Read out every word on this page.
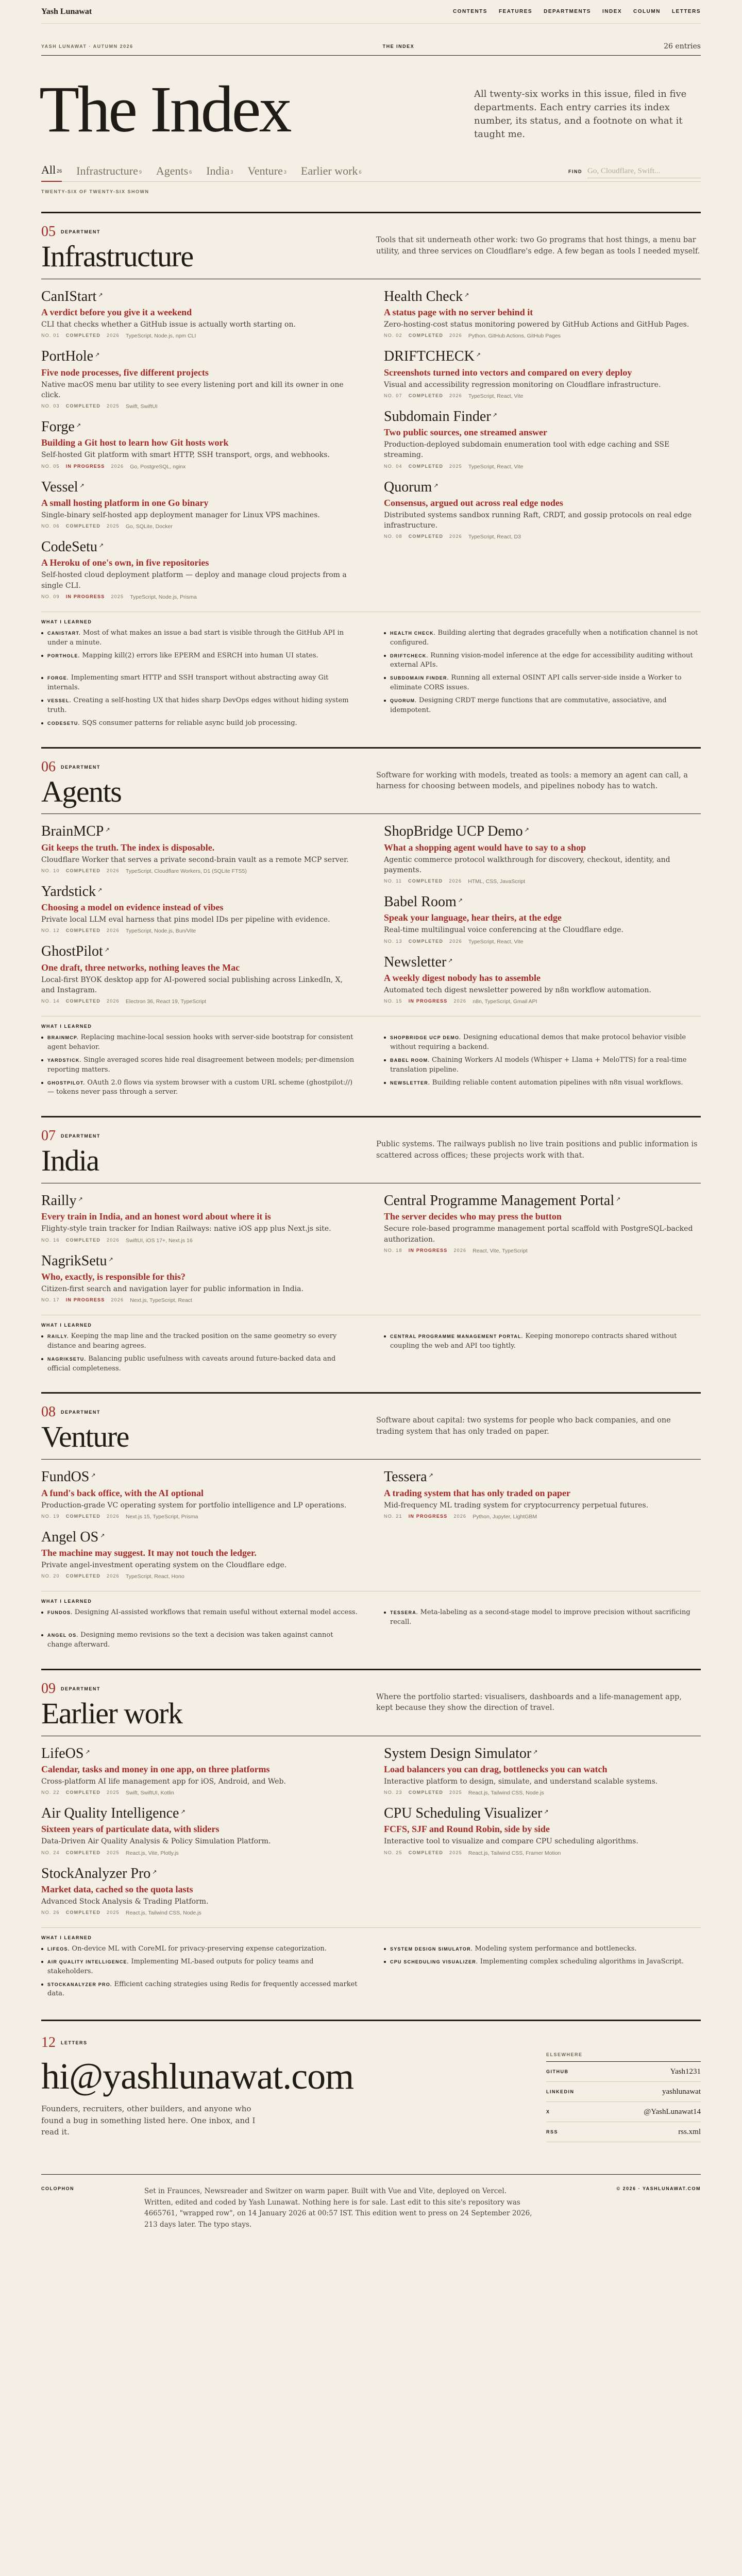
Yash Lunawat	CONTENTS FEATURES DEPARTMENTS INDEX COLUMN LETTERS
YASH LUNAWAT · AUTUMN 2026	THE INDEX	26 entries
The Index	All twenty-six works in this issue, filed in five departments. Each entry carries its index number, its status, and a footnote on what it taught me.

All $^{26}$ Infrastructure $^9$ Agents $^6$ India $^3$ Venture $^3$ Earlier work $^6$	FIND
Go, Cloudflare, Swift...
TWENTY-SIX OF TWENTY-SIX SHOWN
05 DEPARTMENT
Infrastructure	Tools that sit underneath other work: two Go programs that host things, a menu bar utility, and three services on Cloudflare's edge. A few began as tools I needed myself.

CanIStart ↗
A verdict before you give it a weekend
CLI that checks whether a GitHub issue is actually worth starting on.
NO. 01 COMPLETED 2026 TypeScript, Node.js, npm CLI
PortHole ↗
Five node processes, five different projects
Native macOS menu bar utility to see every listening port and kill its owner in one click.
NO. 03 COMPLETED 2025 Swift, SwiftUI
Forge ↗
Building a Git host to learn how Git hosts work
Self-hosted Git platform with smart HTTP, SSH transport, orgs, and webhooks.
NO. 05 IN PROGRESS 2026 Go, PostgreSQL, nginx
Vessel ↗
A small hosting platform in one Go binary
Single-binary self-hosted app deployment manager for Linux VPS machines.
NO. 06 COMPLETED 2025 Go, SQLite, Docker
CodeSetu ↗
A Heroku of one's own, in five repositories
Self-hosted cloud deployment platform — deploy and manage cloud projects from a single CLI.
NO. 09 IN PROGRESS 2025 TypeScript, Node.js, Prisma
Health Check ↗
A status page with no server behind it
Zero-hosting-cost status monitoring powered by GitHub Actions and GitHub Pages.
NO. 02 COMPLETED 2026 Python, GitHub Actions, GitHub Pages
DRIFTCHECK ↗
Screenshots turned into vectors and compared on every deploy
Visual and accessibility regression monitoring on Cloudflare infrastructure.
NO. 07 COMPLETED 2026 TypeScript, React, Vite
Subdomain Finder ↗
Two public sources, one streamed answer
Production-deployed subdomain enumeration tool with edge caching and SSE streaming.
NO. 04 COMPLETED 2025 TypeScript, React, Vite
Quorum ↗
Consensus, argued out across real edge nodes
Distributed systems sandbox running Raft, CRDT, and gossip protocols on real edge infrastructure.
NO. 08 COMPLETED 2026 TypeScript, React, D3
WHAT I LEARNED
CANISTART. Most of what makes an issue a bad start is visible through the GitHub API in under a minute.
HEALTH CHECK. Building alerting that degrades gracefully when a notification channel is not configured.
PORTHOLE. Mapping kill(2) errors like EPERM and ESRCH into human UI states.	DRIFTCHECK. Running vision-model inference at the edge for accessibility auditing without external APIs.
FORGE. Implementing smart HTTP and SSH transport without abstracting away Git internals.
SUBDOMAIN FINDER. Running all external OSINT API calls server-side inside a Worker to eliminate CORS issues.
VESSEL. Creating a self-hosting UX that hides sharp DevOps edges without hiding system truth.
QUORUM. Designing CRDT merge functions that are commutative, associative, and idempotent.
CODESETU. SQS consumer patterns for reliable async build job processing.
06 DEPARTMENT
Agents	Software for working with models, treated as tools: a memory an agent can call, a harness for choosing between models, and pipelines nobody has to watch.

BrainMCP ↗
Git keeps the truth. The index is disposable.
Cloudflare Worker that serves a private second-brain vault as a remote MCP server.
NO. 10 COMPLETED 2026 TypeScript, Cloudflare Workers, D1 (SQLite FTS5)
Yardstick ↗
Choosing a model on evidence instead of vibes
Private local LLM eval harness that pins model IDs per pipeline with evidence.
NO. 12 COMPLETED 2026 TypeScript, Node.js, Bun/Vite
GhostPilot ↗
One draft, three networks, nothing leaves the Mac
Local-first BYOK desktop app for AI-powered social publishing across LinkedIn, X, and Instagram.
NO. 14 COMPLETED 2026 Electron 36, React 19, TypeScript
ShopBridge UCP Demo ↗
What a shopping agent would have to say to a shop
Agentic commerce protocol walkthrough for discovery, checkout, identity, and payments.
NO. 11 COMPLETED 2026 HTML, CSS, JavaScript
Babel Room ↗
Speak your language, hear theirs, at the edge
Real-time multilingual voice conferencing at the Cloudflare edge.
NO. 13 COMPLETED 2026 TypeScript, React, Vite
Newsletter ↗
A weekly digest nobody has to assemble
Automated tech digest newsletter powered by n8n workflow automation.
NO. 15 IN PROGRESS 2026 n8n, TypeScript, Gmail API
WHAT I LEARNED
BRAINMCP. Replacing machine-local session hooks with server-side bootstrap for consistent agent behavior.
SHOPBRIDGE UCP DEMO. Designing educational demos that make protocol behavior visible without requiring a backend.
YARDSTICK. Single averaged scores hide real disagreement between models; per-dimension reporting matters.
BABEL ROOM. Chaining Workers AI models (Whisper + Llama + MeloTTS) for a real-time translation pipeline.
GHOSTPILOT. OAuth 2.0 flows via system browser with a custom URL scheme (ghostpilot://) — tokens never pass through a server.
NEWSLETTER. Building reliable content automation pipelines with n8n visual workflows.
07 DEPARTMENT
India	Public systems. The railways publish no live train positions and public information is scattered across offices; these projects work with that.

Railly ↗
Every train in India, and an honest word about where it is
Flighty-style train tracker for Indian Railways: native iOS app plus Next.js site.
NO. 16 COMPLETED 2026 SwiftUI, iOS 17+, Next.js 16
NagrikSetu ↗
Who, exactly, is responsible for this?
Citizen-first search and navigation layer for public information in India.
NO. 17 IN PROGRESS 2026 Next.js, TypeScript, React
Central Programme Management Portal ↗
The server decides who may press the button
Secure role-based programme management portal scaffold with PostgreSQL-backed authorization.
NO. 18 IN PROGRESS 2026 React, Vite, TypeScript
WHAT I LEARNED
RAILLY. Keeping the map line and the tracked position on the same geometry so every distance and bearing agrees.
CENTRAL PROGRAMME MANAGEMENT PORTAL. Keeping monorepo contracts shared without coupling the web and API too tightly.
NAGRIKSETU. Balancing public usefulness with caveats around future-backed data and official completeness.
08 DEPARTMENT
Venture	Software about capital: two systems for people who back companies, and one trading system that has only traded on paper.

FundOS ↗
A fund's back office, with the AI optional
Production-grade VC operating system for portfolio intelligence and LP operations.
NO. 19 COMPLETED 2026 Next.js 15, TypeScript, Prisma
Angel OS ↗
The machine may suggest. It may not touch the ledger.
Private angel-investment operating system on the Cloudflare edge.
NO. 20 COMPLETED 2026 TypeScript, React, Hono
Tessera ↗
A trading system that has only traded on paper
Mid-frequency ML trading system for cryptocurrency perpetual futures.
NO. 21 IN PROGRESS 2026 Python, Jupyter, LightGBM
WHAT I LEARNED
FUNDOS. Designing AI-assisted workflows that remain useful without external model access.	TESSERA. Meta-labeling as a second-stage model to improve precision without sacrificing recall.
ANGEL OS. Designing memo revisions so the text a decision was taken against cannot change afterward.
09 DEPARTMENT
Earlier work	Where the portfolio started: visualisers, dashboards and a life-management app, kept because they show the direction of travel.

LifeOS ↗
Calendar, tasks and money in one app, on three platforms
Cross-platform AI life management app for iOS, Android, and Web.
NO. 22 COMPLETED 2025 Swift, SwiftUI, Kotlin
Air Quality Intelligence ↗
Sixteen years of particulate data, with sliders
Data-Driven Air Quality Analysis & Policy Simulation Platform.
NO. 24 COMPLETED 2025 React.js, Vite, Plotly.js
StockAnalyzer Pro ↗
Market data, cached so the quota lasts
Advanced Stock Analysis & Trading Platform.
NO. 26 COMPLETED 2025 React.js, Tailwind CSS, Node.js
System Design Simulator ↗
Load balancers you can drag, bottlenecks you can watch
Interactive platform to design, simulate, and understand scalable systems.
NO. 23 COMPLETED 2025 React.js, Tailwind CSS, Node.js
CPU Scheduling Visualizer ↗
FCFS, SJF and Round Robin, side by side
Interactive tool to visualize and compare CPU scheduling algorithms.
NO. 25 COMPLETED 2025 React.js, Tailwind CSS, Framer Motion
WHAT I LEARNED
LIFEOS. On-device ML with CoreML for privacy-preserving expense categorization.	SYSTEM DESIGN SIMULATOR. Modeling system performance and bottlenecks.
AIR QUALITY INTELLIGENCE. Implementing ML-based outputs for policy teams and stakeholders.
CPU SCHEDULING VISUALIZER. Implementing complex scheduling algorithms in JavaScript.
STOCKANALYZER PRO. Efficient caching strategies using Redis for frequently accessed market data.
12 LETTERS
hi@yashlunawat.com

Founders, recruiters, other builders, and anyone who found a bug in something listed here. One inbox, and I read it.

ELSEWHERE
GITHUB	Yash1231
LINKEDIN	yashlunawat
X	@YashLunawat14
RSS	rss.xml
COLOPHON	Set in Fraunces, Newsreader and Switzer on warm paper. Built with Vue and Vite, deployed on Vercel. Written, edited and coded by Yash Lunawat. Nothing here is for sale. Last edit to this site's repository was 4665761, "wrapped row", on 14 January 2026 at 00:57 IST. This edition went to press on 24 September 2026, 213 days later. The typo stays.

© 2026 · YASHLUNAWAT.COM
